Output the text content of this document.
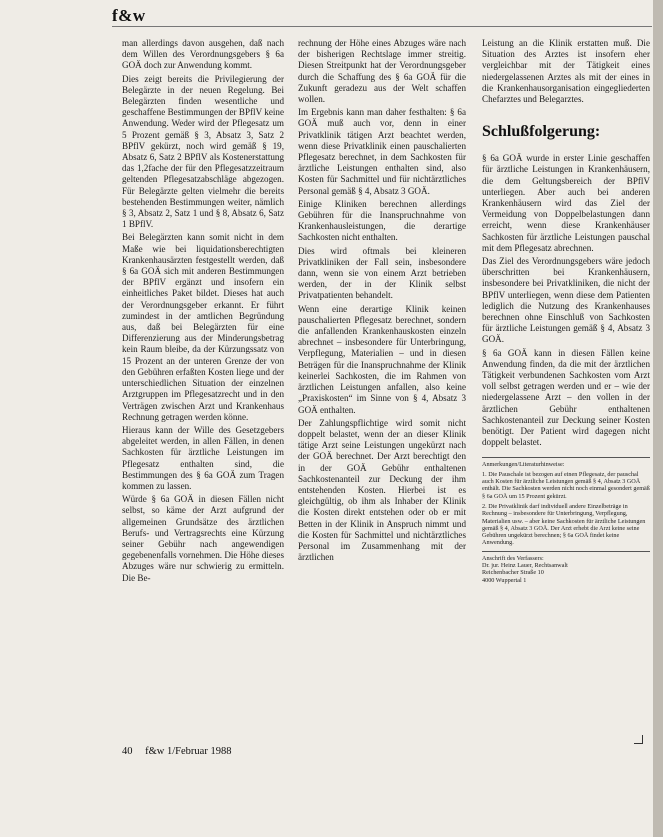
f&w

man allerdings davon ausgehen, daß nach dem Willen des Verordnungsgebers § 6a GOÄ doch zur Anwendung kommt.

Dies zeigt bereits die Privilegierung der Belegärzte in der neuen Regelung. Bei Belegärzten finden wesentliche und geschaffene Bestimmungen der BPflV keine Anwendung. Weder wird der Pflegesatz um 5 Prozent gemäß § 3, Absatz 3, Satz 2 BPflV gekürzt, noch wird gemäß § 19, Absatz 6, Satz 2 BPflV als Kostenerstattung das 1,2fache der für den Pflegesatzzeitraum geltenden Pflegesatzabschläge abgezogen. Für Belegärzte gelten vielmehr die bereits bestehenden Bestimmungen weiter, nämlich § 3, Absatz 2, Satz 1 und § 8, Absatz 6, Satz 1 BPflV.

Bei Belegärzten kann somit nicht in dem Maße wie bei liquidationsberechtigten Krankenhausärzten festgestellt werden, daß § 6a GOÄ sich mit anderen Bestimmungen der BPflV ergänzt und insofern ein einheitliches Paket bildet. Dieses hat auch der Verordnungsgeber erkannt. Er führt zumindest in der amtlichen Begründung aus, daß bei Belegärzten für eine Differenzierung aus der Minderungsbetrag kein Raum bleibe, da der Kürzungssatz von 15 Prozent an der unteren Grenze der von den Gebühren erfaßten Kosten liege und der unterschiedlichen Situation der einzelnen Arztgruppen im Pflegesatzrecht und in den Verträgen zwischen Arzt und Krankenhaus Rechnung getragen werden könne.

Hieraus kann der Wille des Gesetzgebers abgeleitet werden, in allen Fällen, in denen Sachkosten für ärztliche Leistungen im Pflegesatz enthalten sind, die Bestimmungen des § 6a GOÄ zum Tragen kommen zu lassen.

Würde § 6a GOÄ in diesen Fällen nicht selbst, so käme der Arzt aufgrund der allgemeinen Grundsätze des ärztlichen Berufs- und Vertragsrechts eine Kürzung seiner Gebühr nach angewendigen gegebenenfalls vornehmen. Die Höhe dieses Abzuges wäre nur schwierig zu ermitteln. Die Be-

rechnung der Höhe eines Abzuges wäre nach der bisherigen Rechtslage immer streitig. Diesen Streitpunkt hat der Verordnungsgeber durch die Schaffung des § 6a GOÄ für die Zukunft geradezu aus der Welt schaffen wollen.

Im Ergebnis kann man daher festhalten: § 6a GOÄ muß auch vor, denn in einer Privatklinik tätigen Arzt beachtet werden, wenn diese Privatklinik einen pauschalierten Pflegesatz berechnet, in dem Sachkosten für ärztliche Leistungen enthalten sind, also Kosten für Sachmittel und für nichtärztliches Personal gemäß § 4, Absatz 3 GOÄ.

Einige Kliniken berechnen allerdings Gebühren für die Inanspruchnahme von Krankenhausleistungen, die derartige Sachkosten nicht enthalten.

Dies wird oftmals bei kleineren Privatkliniken der Fall sein, insbesondere dann, wenn sie von einem Arzt betrieben werden, der in der Klinik selbst Privatpatienten behandelt.

Wenn eine derartige Klinik keinen pauschalierten Pflegesatz berechnet, sondern die anfallenden Krankenhauskosten einzeln abrechnet – insbesondere für Unterbringung, Verpflegung, Materialien – und in diesen Beträgen für die Inanspruchnahme der Klinik keinerlei Sachkosten, die im Rahmen von ärztlichen Leistungen anfallen, also keine „Praxiskosten“ im Sinne von § 4, Absatz 3 GOÄ enthalten.

Der Zahlungspflichtige wird somit nicht doppelt belastet, wenn der an dieser Klinik tätige Arzt seine Leistungen ungekürzt nach der GOÄ berechnet. Der Arzt berechtigt den in der GOÄ Gebühr enthaltenen Sachkostenanteil zur Deckung der ihm entstehenden Kosten. Hierbei ist es gleichgültig, ob ihm als Inhaber der Klinik die Kosten direkt entstehen oder ob er mit Betten in der Klinik in Anspruch nimmt und die Kosten für Sachmittel und nichtärztliches Personal im Zusammenhang mit der ärztlichen

Leistung an die Klinik erstatten muß. Die Situation des Arztes ist insofern eher vergleichbar mit der Tätigkeit eines niedergelassenen Arztes als mit der eines in die Krankenhausorganisation eingegliederten Chefarztes und Belegarztes.

Schlußfolgerung:

§ 6a GOÄ wurde in erster Linie geschaffen für ärztliche Leistungen in Krankenhäusern, die dem Geltungsbereich der BPflV unterliegen. Aber auch bei anderen Krankenhäusern wird das Ziel der Vermeidung von Doppelbelastungen dann erreicht, wenn diese Krankenhäuser Sachkosten für ärztliche Leistungen pauschal mit dem Pflegesatz abrechnen.

Das Ziel des Verordnungsgebers wäre jedoch überschritten bei Krankenhäusern, insbesondere bei Privatkliniken, die nicht der BPflV unterliegen, wenn diese dem Patienten lediglich die Nutzung des Krankenhauses berechnen ohne Einschluß von Sachkosten für ärztliche Leistungen gemäß § 4, Absatz 3 GOÄ.

§ 6a GOÄ kann in diesen Fällen keine Anwendung finden, da die mit der ärztlichen Tätigkeit verbundenen Sachkosten vom Arzt voll selbst getragen werden und er – wie der niedergelassene Arzt – den vollen in der ärztlichen Gebühr enthaltenen Sachkostenanteil zur Deckung seiner Kosten benötigt. Der Patient wird dagegen nicht doppelt belastet.

Anmerkungen/Literaturhinweise:

1. Die Pauschale ist bezogen auf einen Pflegesatz, der pauschal auch Kosten für ärztliche Leistungen gemäß § 4, Absatz 3 GOÄ enthält. Die Sachkosten werden nicht noch einmal gesondert gemäß § 6a GOÄ um 15 Prozent gekürzt.

2. Die Privatklinik darf individuell andere Einzelbeträge in Rechnung – insbesondere für Unterbringung, Verpflegung, Materialien usw. – aber keine Sachkosten für ärztliche Leistungen gemäß § 4, Absatz 3 GOÄ. Der Arzt erhebt die Arzt keine seine Gebühren ungekürzt berechnen; § 6a GOÄ findet keine Anwendung.

Anschrift des Verfassers:
Dr. jur. Heinz Lauer, Rechtsanwalt
Reichenbacher Straße 10
4000 Wuppertal 1
40 f&w 1/Februar 1988
